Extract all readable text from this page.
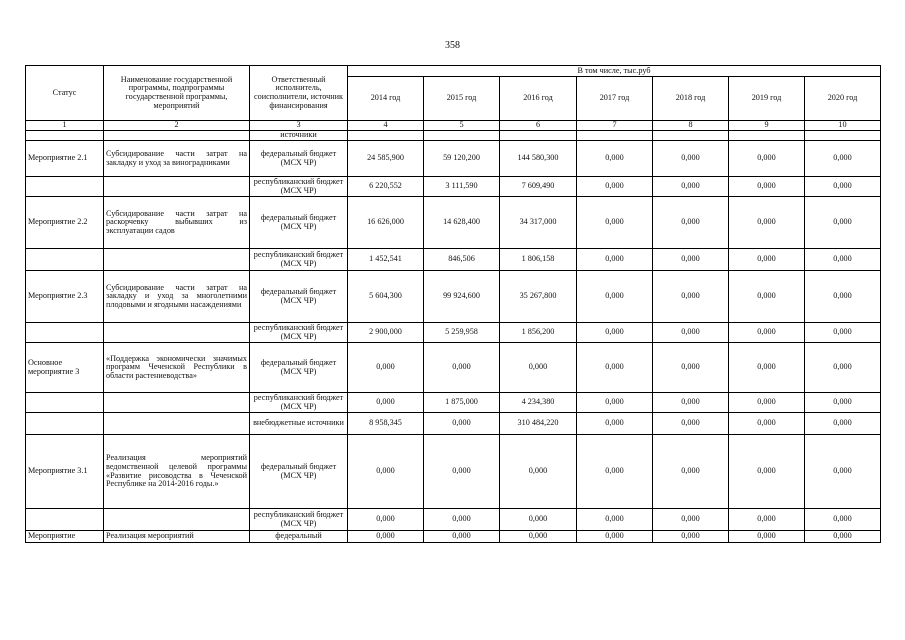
358
Статус	Наименование государственной программы, подпрограммы государственной программы, мероприятий	Ответственный исполнитель, соисполнители, источник финансирования	В том числе, тыс.руб						
			2014 год	2015 год	2016 год	2017 год	2018 год	2019 год	2020 год
1	2	3	4	5	6	7	8	9	10
		источники							
Мероприятие 2.1	Субсидирование части затрат на закладку и уход за виноградниками	федеральный бюджет (МСХ ЧР)	24 585,900	59 120,200	144 580,300	0,000	0,000	0,000	0,000
		республиканский бюджет (МСХ ЧР)	6 220,552	3 111,590	7 609,490	0,000	0,000	0,000	0,000
Мероприятие 2.2	Субсидирование части затрат на раскорчевку выбывших из эксплуатации садов	федеральный бюджет (МСХ ЧР)	16 626,000	14 628,400	34 317,000	0,000	0,000	0,000	0,000
		республиканский бюджет (МСХ ЧР)	1 452,541	846,506	1 806,158	0,000	0,000	0,000	0,000
Мероприятие 2.3	Субсидирование части затрат на закладку и уход за многолетними плодовыми и ягодными насаждениями	федеральный бюджет (МСХ ЧР)	5 604,300	99 924,600	35 267,800	0,000	0,000	0,000	0,000
		республиканский бюджет (МСХ ЧР)	2 900,000	5 259,958	1 856,200	0,000	0,000	0,000	0,000
Основное мероприятие 3	«Поддержка экономически значимых программ Чеченской Республики в области растениеводства»	федеральный бюджет (МСХ ЧР)	0,000	0,000	0,000	0,000	0,000	0,000	0,000
		республиканский бюджет (МСХ ЧР)	0,000	1 875,000	4 234,380	0,000	0,000	0,000	0,000
		внебюджетные источники	8 958,345	0,000	310 484,220	0,000	0,000	0,000	0,000
Мероприятие 3.1	Реализация мероприятий ведомственной целевой программы «Развитие рисоводства в Чеченской Республике на 2014-2016 годы.»	федеральный бюджет (МСХ ЧР)	0,000	0,000	0,000	0,000	0,000	0,000	0,000
		республиканский бюджет (МСХ ЧР)	0,000	0,000	0,000	0,000	0,000	0,000	0,000
Мероприятие	Реализация мероприятий	федеральный	0,000	0,000	0,000	0,000	0,000	0,000	0,000
